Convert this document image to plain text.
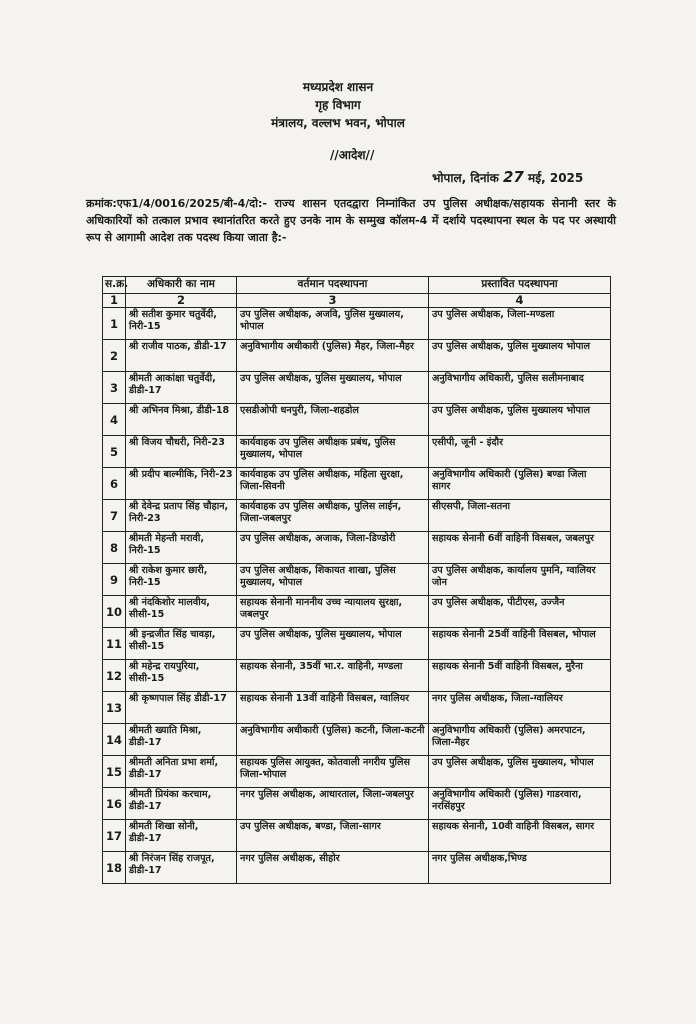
मध्यप्रदेश शासन
गृह विभाग
मंत्रालय, वल्लभ भवन, भोपाल
//आदेश//
भोपाल, दिनांक 27 मई, 2025
क्रमांक:एफ1/4/0016/2025/बी-4/दो:- राज्य शासन एतदद्वारा निम्नांकित उप पुलिस अधीक्षक/सहायक सेनानी स्तर के अधिकारियों को तत्काल प्रभाव स्थानांतरित करते हुए उनके नाम के सम्मुख कॉलम-4 में दर्शाये पदस्थापना स्थल के पद पर अस्थायी रूप से आगामी आदेश तक पदस्थ किया जाता है:-
स.क्र.	अधिकारी का नाम	वर्तमान पदस्थापना	प्रस्तावित पदस्थापना
1	2	3	4
1	श्री सतीश कुमार चतुर्वेदी, निरी-15	उप पुलिस अधीक्षक, अजवि, पुलिस मुख्यालय, भोपाल	उप पुलिस अधीक्षक, जिला-मण्डला
2	श्री राजीव पाठक, डीडी-17	अनुविभागीय अधीकारी (पुलिस) मैहर, जिला-मैहर	उप पुलिस अधीक्षक, पुलिस मुख्यालय भोपाल
3	श्रीमती आकांक्षा चतुर्वेदी, डीडी-17	उप पुलिस अधीक्षक, पुलिस मुख्यालय, भोपाल	अनुविभागीय अधिकारी, पुलिस सलीमनाबाद
4	श्री अभिनव मिश्रा, डीडी-18	एसडीओपी धनपुरी, जिला-शहडोल	उप पुलिस अधीक्षक, पुलिस मुख्यालय भोपाल
5	श्री विजय चौधरी, निरी-23	कार्यवाहक उप पुलिस अधीक्षक प्रबंध, पुलिस मुख्यालय, भोपाल	एसीपी, जूनी - इंदौर
6	श्री प्रदीप बाल्मीकि, निरी-23	कार्यवाहक उप पुलिस अधीक्षक, महिला सुरक्षा, जिला-सिवनी	अनुविभागीय अधिकारी (पुलिस) बण्डा जिला सागर
7	श्री देवेन्द्र प्रताप सिंह चौहान, निरी-23	कार्यवाहक उप पुलिस अधीक्षक, पुलिस लाईन, जिला-जबलपुर	सीएसपी, जिला-सतना
8	श्रीमती मेहन्ती मरावी, निरी-15	उप पुलिस अधीक्षक, अजाक, जिला-डिण्डोरी	सहायक सेनानी 6वीं वाहिनी विसबल, जबलपुर
9	श्री राकेश कुमार छारी, निरी-15	उप पुलिस अधीक्षक, शिकायत शाखा, पुलिस मुख्यालय, भोपाल	उप पुलिस अधीक्षक, कार्यालय पुमनि, ग्वालियर जोन
10	श्री नंदकिशोर मालवीय, सीसी-15	सहायक सेनानी माननीय उच्च न्यायालय सुरक्षा, जबलपुर	उप पुलिस अधीक्षक, पीटीएस, उज्जैन
11	श्री इन्द्रजीत सिंह चावड़ा, सीसी-15	उप पुलिस अधीक्षक, पुलिस मुख्यालय, भोपाल	सहायक सेनानी 25वीं वाहिनी विसबल, भोपाल
12	श्री महेन्द्र रायपुरिया, सीसी-15	सहायक सेनानी, 35वीं भा.र. वाहिनी, मण्डला	सहायक सेनानी 5वीं वाहिनी विसबल, मुरैना
13	श्री कृष्णपाल सिंह डीडी-17	सहायक सेनानी 13वीं वाहिनी विसबल, ग्वालियर	नगर पुलिस अधीक्षक, जिला-ग्वालियर
14	श्रीमती ख्याति मिश्रा, डीडी-17	अनुविभागीय अधीकारी (पुलिस) कटनी, जिला-कटनी	अनुविभागीय अधिकारी (पुलिस) अमरपाटन, जिला-मैहर
15	श्रीमती अनिता प्रभा शर्मा, डीडी-17	सहायक पुलिस आयुक्त, कोतवाली नगरीय पुलिस जिला-भोपाल	उप पुलिस अधीक्षक, पुलिस मुख्यालय, भोपाल
16	श्रीमती प्रियंका करचाम, डीडी-17	नगर पुलिस अधीक्षक, आधारताल, जिला-जबलपुर	अनुविभागीय अधिकारी (पुलिस) गाडरवारा, नरसिंहपुर
17	श्रीमती शिखा सोनी, डीडी-17	उप पुलिस अधीक्षक, बण्डा, जिला-सागर	सहायक सेनानी, 10वी वाहिनी विसबल, सागर
18	श्री निरंजन सिंह राजपूत, डीडी-17	नगर पुलिस अधीक्षक, सीहोर	नगर पुलिस अधीक्षक,भिण्ड
